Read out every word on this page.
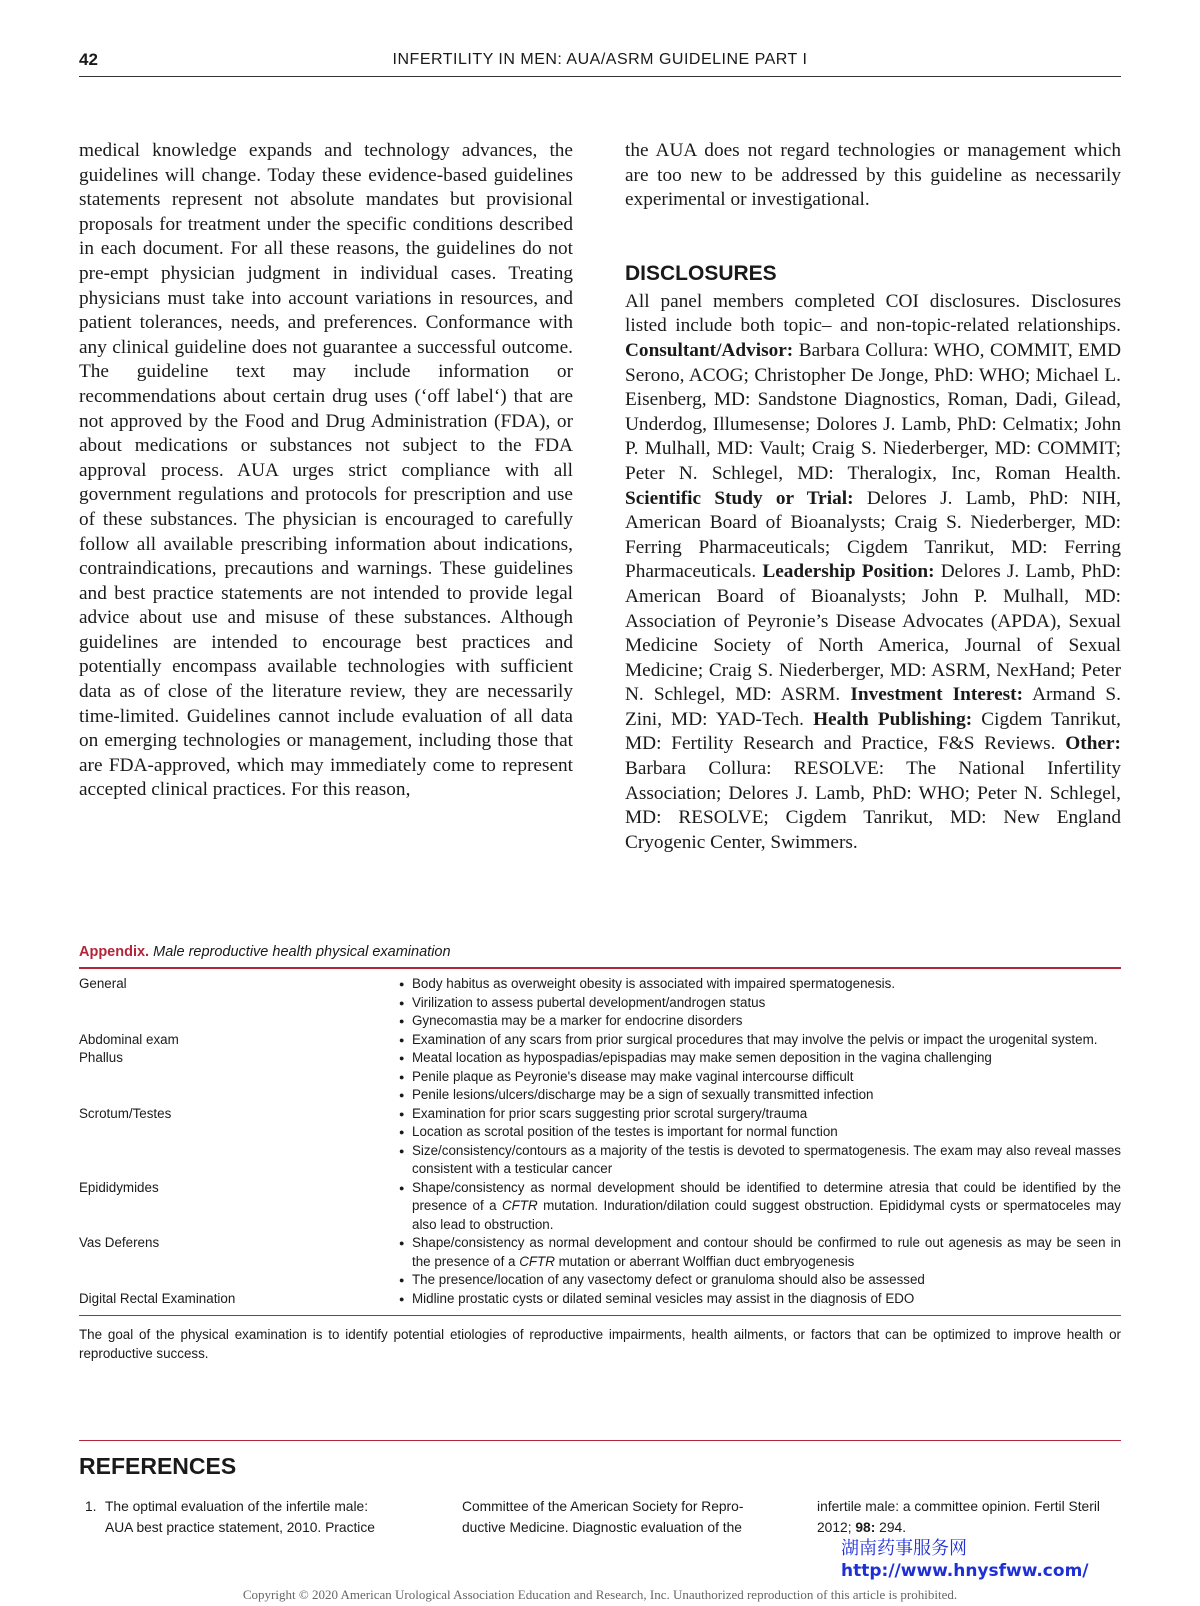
42	INFERTILITY IN MEN: AUA/ASRM GUIDELINE PART I

medical knowledge expands and technology advances, the guidelines will change. Today these evidence-based guidelines statements represent not absolute mandates but provisional proposals for treatment under the specific conditions described in each document. For all these reasons, the guidelines do not pre-empt physician judgment in individual cases. Treating physicians must take into account variations in resources, and patient tolerances, needs, and preferences. Conformance with any clinical guideline does not guarantee a successful outcome. The guideline text may include information or recommendations about certain drug uses (‘off label‘) that are not approved by the Food and Drug Administration (FDA), or about medications or substances not subject to the FDA approval process. AUA urges strict compliance with all government regulations and protocols for prescription and use of these substances. The physician is encouraged to carefully follow all available prescribing information about indications, contraindications, precautions and warnings. These guidelines and best practice statements are not intended to provide legal advice about use and misuse of these substances. Although guidelines are intended to encourage best practices and potentially encompass available technologies with sufficient data as of close of the literature review, they are necessarily time-limited. Guidelines cannot include evaluation of all data on emerging technologies or management, including those that are FDA-approved, which may immediately come to represent accepted clinical practices. For this reason,

the AUA does not regard technologies or management which are too new to be addressed by this guideline as necessarily experimental or investigational.

DISCLOSURES

All panel members completed COI disclosures. Disclosures listed include both topic– and non-topic-related relationships. Consultant/Advisor: Barbara Collura: WHO, COMMIT, EMD Serono, ACOG; Christopher De Jonge, PhD: WHO; Michael L. Eisenberg, MD: Sandstone Diagnostics, Roman, Dadi, Gilead, Underdog, Illumesense; Dolores J. Lamb, PhD: Celmatix; John P. Mulhall, MD: Vault; Craig S. Niederberger, MD: COMMIT; Peter N. Schlegel, MD: Theralogix, Inc, Roman Health. Scientific Study or Trial: Delores J. Lamb, PhD: NIH, American Board of Bioanalysts; Craig S. Niederberger, MD: Ferring Pharmaceuticals; Cigdem Tanrikut, MD: Ferring Pharmaceuticals. Leadership Position: Delores J. Lamb, PhD: American Board of Bioanalysts; John P. Mulhall, MD: Association of Peyronie’s Disease Advocates (APDA), Sexual Medicine Society of North America, Journal of Sexual Medicine; Craig S. Niederberger, MD: ASRM, NexHand; Peter N. Schlegel, MD: ASRM. Investment Interest: Armand S. Zini, MD: YAD-Tech. Health Publishing: Cigdem Tanrikut, MD: Fertility Research and Practice, F&S Reviews. Other: Barbara Collura: RESOLVE: The National Infertility Association; Delores J. Lamb, PhD: WHO; Peter N. Schlegel, MD: RESOLVE; Cigdem Tanrikut, MD: New England Cryogenic Center, Swimmers.

Appendix. Male reproductive health physical examination
General	● Body habitus as overweight obesity is associated with impaired spermatogenesis.
● Virilization to assess pubertal development/androgen status
● Gynecomastia may be a marker for endocrine disorders
Abdominal exam	● Examination of any scars from prior surgical procedures that may involve the pelvis or impact the urogenital system.
Phallus	● Meatal location as hypospadias/epispadias may make semen deposition in the vagina challenging
● Penile plaque as Peyronie's disease may make vaginal intercourse difficult
● Penile lesions/ulcers/discharge may be a sign of sexually transmitted infection
Scrotum/Testes	● Examination for prior scars suggesting prior scrotal surgery/trauma
● Location as scrotal position of the testes is important for normal function
● Size/consistency/contours as a majority of the testis is devoted to spermatogenesis. The exam may also reveal masses consistent with a testicular cancer
Epididymides	● Shape/consistency as normal development should be identified to determine atresia that could be identified by the presence of a CFTR mutation. Induration/dilation could suggest obstruction. Epididymal cysts or spermatoceles may also lead to obstruction.
Vas Deferens	● Shape/consistency as normal development and contour should be confirmed to rule out agenesis as may be seen in the presence of a CFTR mutation or aberrant Wolffian duct embryogenesis
● The presence/location of any vasectomy defect or granuloma should also be assessed
Digital Rectal Examination	● Midline prostatic cysts or dilated seminal vesicles may assist in the diagnosis of EDO
The goal of the physical examination is to identify potential etiologies of reproductive impairments, health ailments, or factors that can be optimized to improve health or reproductive success.
REFERENCES
1. The optimal evaluation of the infertile male:
AUA best practice statement, 2010. Practice
Committee of the American Society for Repro-
ductive Medicine. Diagnostic evaluation of the
infertile male: a committee opinion. Fertil Steril
2012; 98: 294.
湖南药事服务网
http://www.hnysfww.com/
Copyright © 2020 American Urological Association Education and Research, Inc. Unauthorized reproduction of this article is prohibited.
